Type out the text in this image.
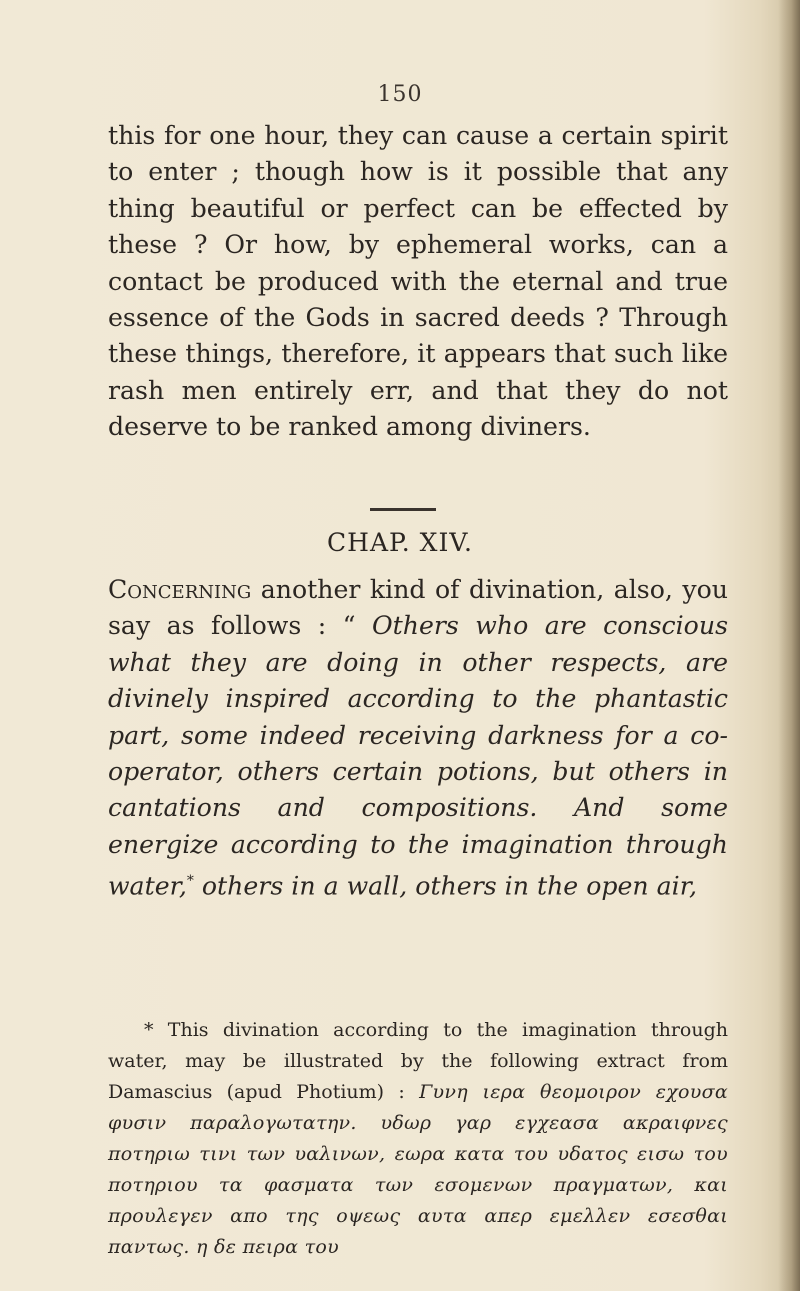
150
this for one hour, they can cause a certain spirit to enter ; though how is it possible that any thing beautiful or perfect can be effected by these ? Or how, by ephemeral works, can a contact be produced with the eternal and true essence of the Gods in sacred deeds ? Through these things, therefore, it appears that such like rash men entirely err, and that they do not deserve to be ranked among diviners.
CHAP. XIV.
Concerning another kind of divination, also, you say as follows : “ Others who are conscious what they are doing in other respects, are divinely inspired according to the phantastic part, some indeed receiving darkness for a co-operator, others certain potions, but others in cantations and compositions. And some energize according to the imagination through water,* others in a wall, others in the open air,
* This divination according to the imagination through water, may be illustrated by the following extract from Damascius (apud Photium) : Γυνη ιερα θεομοιρον εχουσα φυσιν παραλογωτατην. υδωρ γαρ εγχεασα ακραιφνες ποτηριω τινι των υαλινων, εωρα κατα του υδατος εισω του ποτηριου τα φασματα των εσομενων πραγματων, και προυλεγεν απο της οψεως αυτα απερ εμελλεν εσεσθαι παντως. η δε πειρα του
